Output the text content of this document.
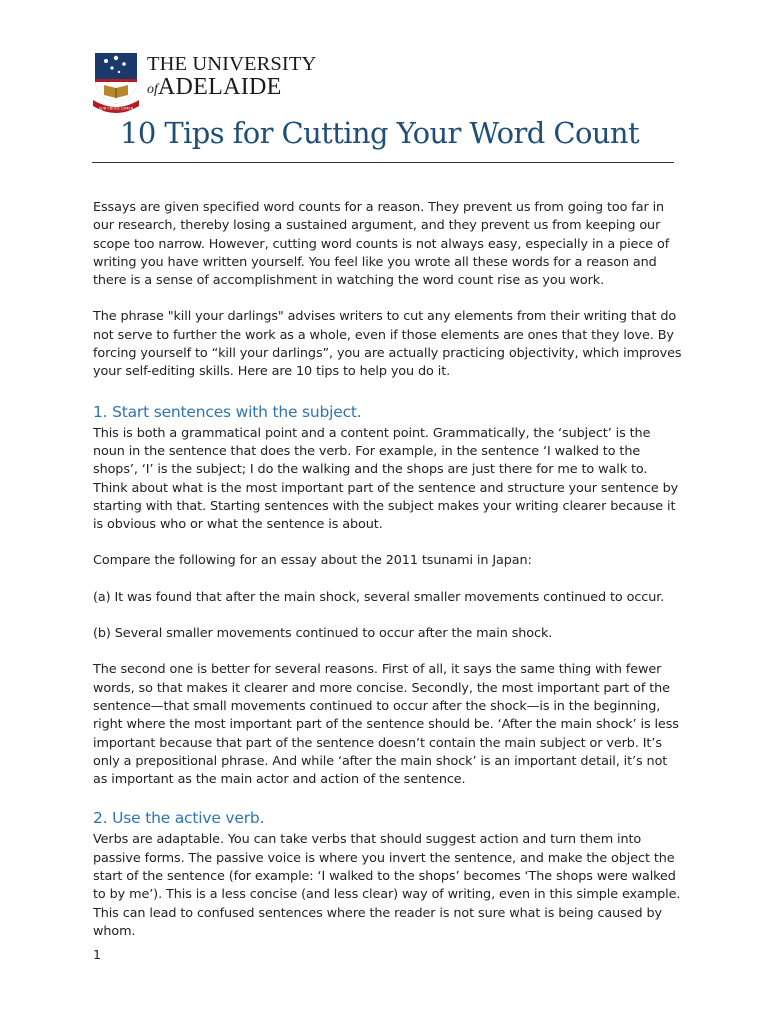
SUB CRUCE LUMEN
THE UNIVERSITY
ofADELAIDE
10 Tips for Cutting Your Word Count

Essays are given specified word counts for a reason. They prevent us from going too far in our research, thereby losing a sustained argument, and they prevent us from keeping our scope too narrow. However, cutting word counts is not always easy, especially in a piece of writing you have written yourself. You feel like you wrote all these words for a reason and there is a sense of accomplishment in watching the word count rise as you work.

The phrase "kill your darlings" advises writers to cut any elements from their writing that do not serve to further the work as a whole, even if those elements are ones that they love. By forcing yourself to “kill your darlings”, you are actually practicing objectivity, which improves your self-editing skills. Here are 10 tips to help you do it.

1. Start sentences with the subject.

This is both a grammatical point and a content point. Grammatically, the ‘subject’ is the noun in the sentence that does the verb. For example, in the sentence ‘I walked to the shops’, ‘I’ is the subject; I do the walking and the shops are just there for me to walk to. Think about what is the most important part of the sentence and structure your sentence by starting with that. Starting sentences with the subject makes your writing clearer because it is obvious who or what the sentence is about.

Compare the following for an essay about the 2011 tsunami in Japan:

(a) It was found that after the main shock, several smaller movements continued to occur.

(b) Several smaller movements continued to occur after the main shock.

The second one is better for several reasons. First of all, it says the same thing with fewer words, so that makes it clearer and more concise. Secondly, the most important part of the sentence—that small movements continued to occur after the shock—is in the beginning, right where the most important part of the sentence should be. ‘After the main shock’ is less important because that part of the sentence doesn’t contain the main subject or verb. It’s only a prepositional phrase. And while ‘after the main shock’ is an important detail, it’s not as important as the main actor and action of the sentence.

2. Use the active verb.

Verbs are adaptable. You can take verbs that should suggest action and turn them into passive forms. The passive voice is where you invert the sentence, and make the object the start of the sentence (for example: ‘I walked to the shops’ becomes ‘The shops were walked to by me’). This is a less concise (and less clear) way of writing, even in this simple example. This can lead to confused sentences where the reader is not sure what is being caused by whom.

1
